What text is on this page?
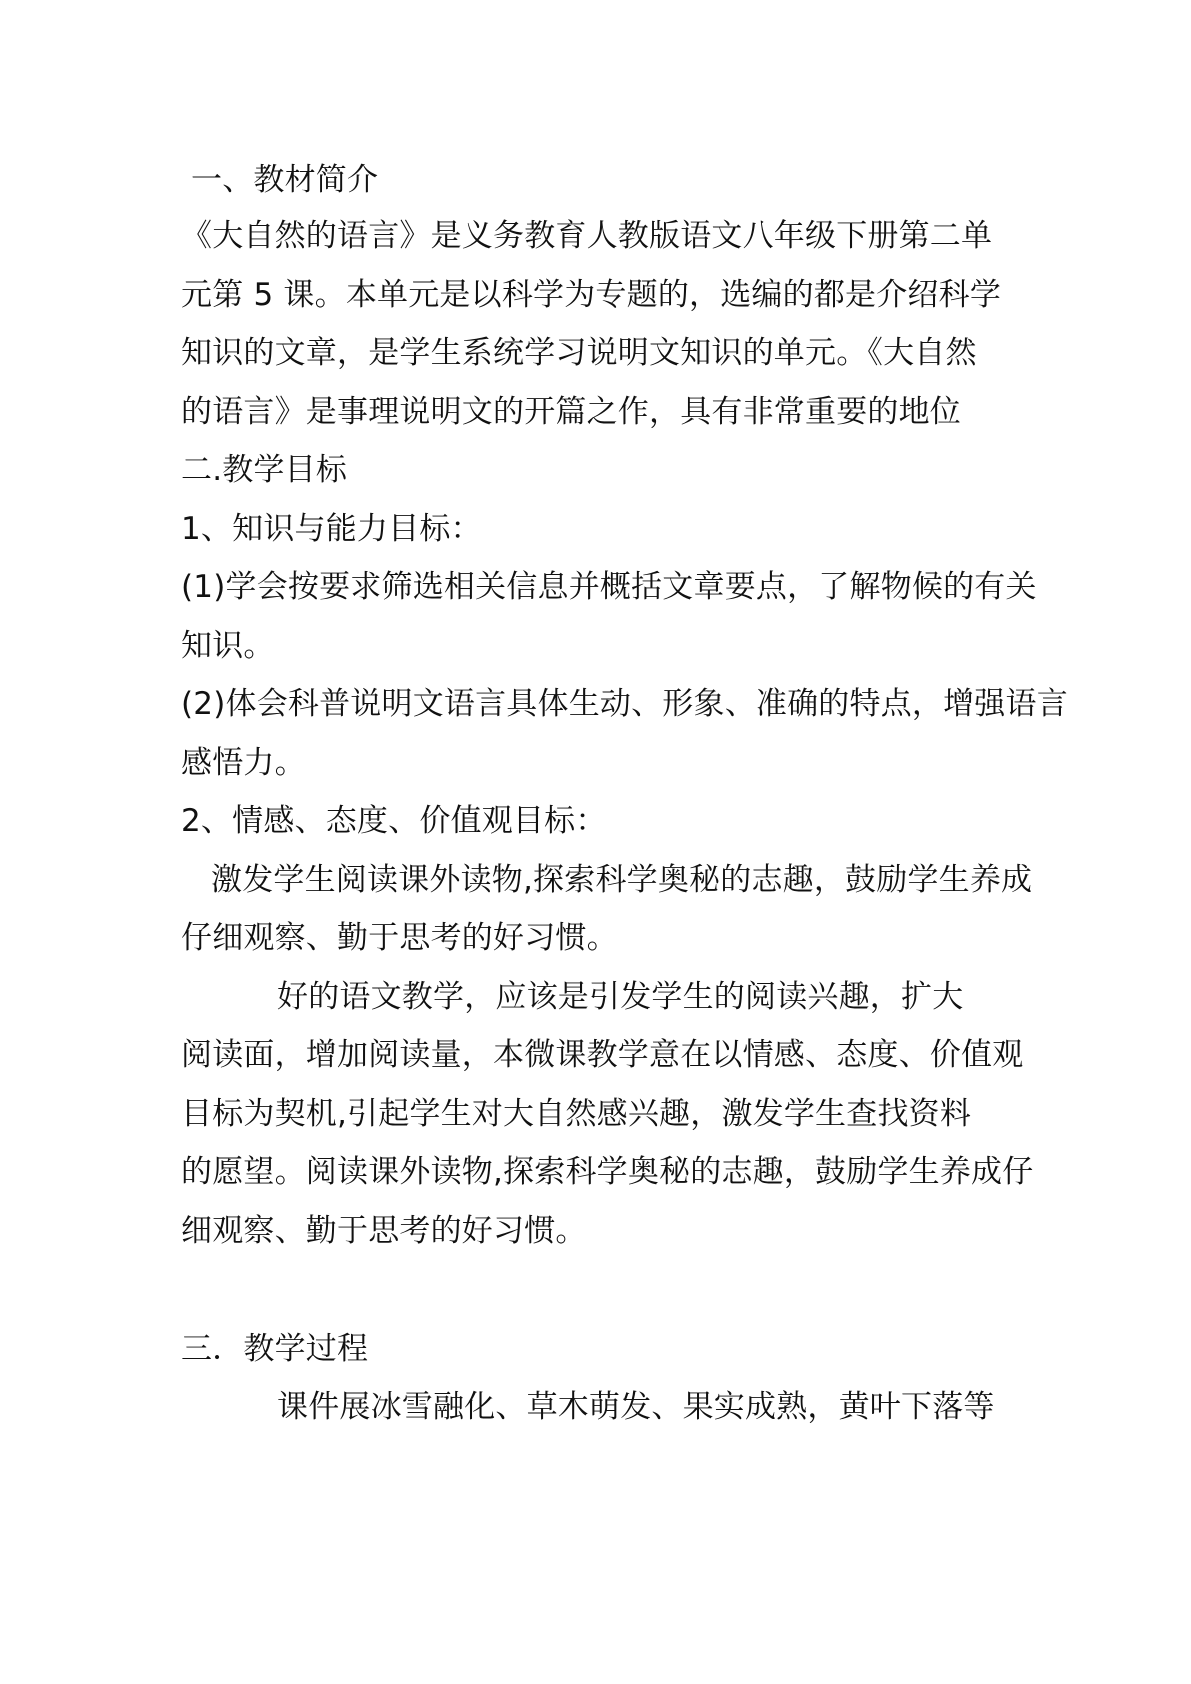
一、教材简介
《大自然的语言》是义务教育人教版语文八年级下册第二单
元第 5 课。本单元是以科学为专题的，选编的都是介绍科学
知识的文章，是学生系统学习说明文知识的单元。《大自然
的语言》是事理说明文的开篇之作，具有非常重要的地位
二.教学目标
1、知识与能力目标：
(1)学会按要求筛选相关信息并概括文章要点，了解物候的有关
知识。
(2)体会科普说明文语言具体生动、形象、准确的特点，增强语言
感悟力。
2、情感、态度、价值观目标：
激发学生阅读课外读物,探索科学奥秘的志趣，鼓励学生养成
仔细观察、勤于思考的好习惯。
好的语文教学，应该是引发学生的阅读兴趣，扩大
阅读面，增加阅读量，本微课教学意在以情感、态度、价值观
目标为契机,引起学生对大自然感兴趣，激发学生查找资料
的愿望。阅读课外读物,探索科学奥秘的志趣，鼓励学生养成仔
细观察、勤于思考的好习惯。
三．教学过程
课件展冰雪融化、草木萌发、果实成熟，黄叶下落等
